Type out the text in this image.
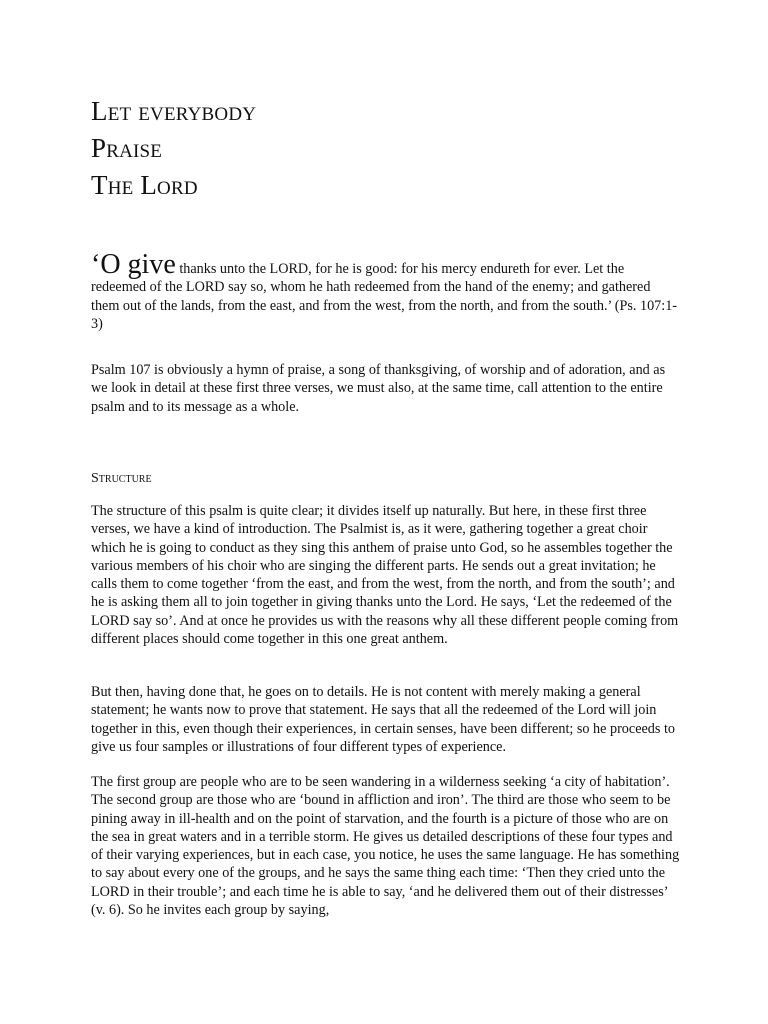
Let everybody
Praise
The Lord

‘O give thanks unto the LORD, for he is good: for his mercy endureth for ever. Let the redeemed of the LORD say so, whom he hath redeemed from the hand of the enemy; and gathered them out of the lands, from the east, and from the west, from the north, and from the south.’ (Ps. 107:1-3)

Psalm 107 is obviously a hymn of praise, a song of thanksgiving, of worship and of adoration, and as we look in detail at these first three verses, we must also, at the same time, call attention to the entire psalm and to its message as a whole.

Structure

The structure of this psalm is quite clear; it divides itself up naturally. But here, in these first three verses, we have a kind of introduction. The Psalmist is, as it were, gathering together a great choir which he is going to conduct as they sing this anthem of praise unto God, so he assembles together the various members of his choir who are singing the different parts. He sends out a great invitation; he calls them to come together ‘from the east, and from the west, from the north, and from the south’; and he is asking them all to join together in giving thanks unto the Lord. He says, ‘Let the redeemed of the LORD say so’. And at once he provides us with the reasons why all these different people coming from different places should come together in this one great anthem.

But then, having done that, he goes on to details. He is not content with merely making a general statement; he wants now to prove that statement. He says that all the redeemed of the Lord will join together in this, even though their experiences, in certain senses, have been different; so he proceeds to give us four samples or illustrations of four different types of experience.

The first group are people who are to be seen wandering in a wilderness seeking ‘a city of habitation’. The second group are those who are ‘bound in affliction and iron’. The third are those who seem to be pining away in ill-health and on the point of starvation, and the fourth is a picture of those who are on the sea in great waters and in a terrible storm. He gives us detailed descriptions of these four types and of their varying experiences, but in each case, you notice, he uses the same language. He has something to say about every one of the groups, and he says the same thing each time: ‘Then they cried unto the LORD in their trouble’; and each time he is able to say, ‘and he delivered them out of their distresses’ (v. 6). So he invites each group by saying,
